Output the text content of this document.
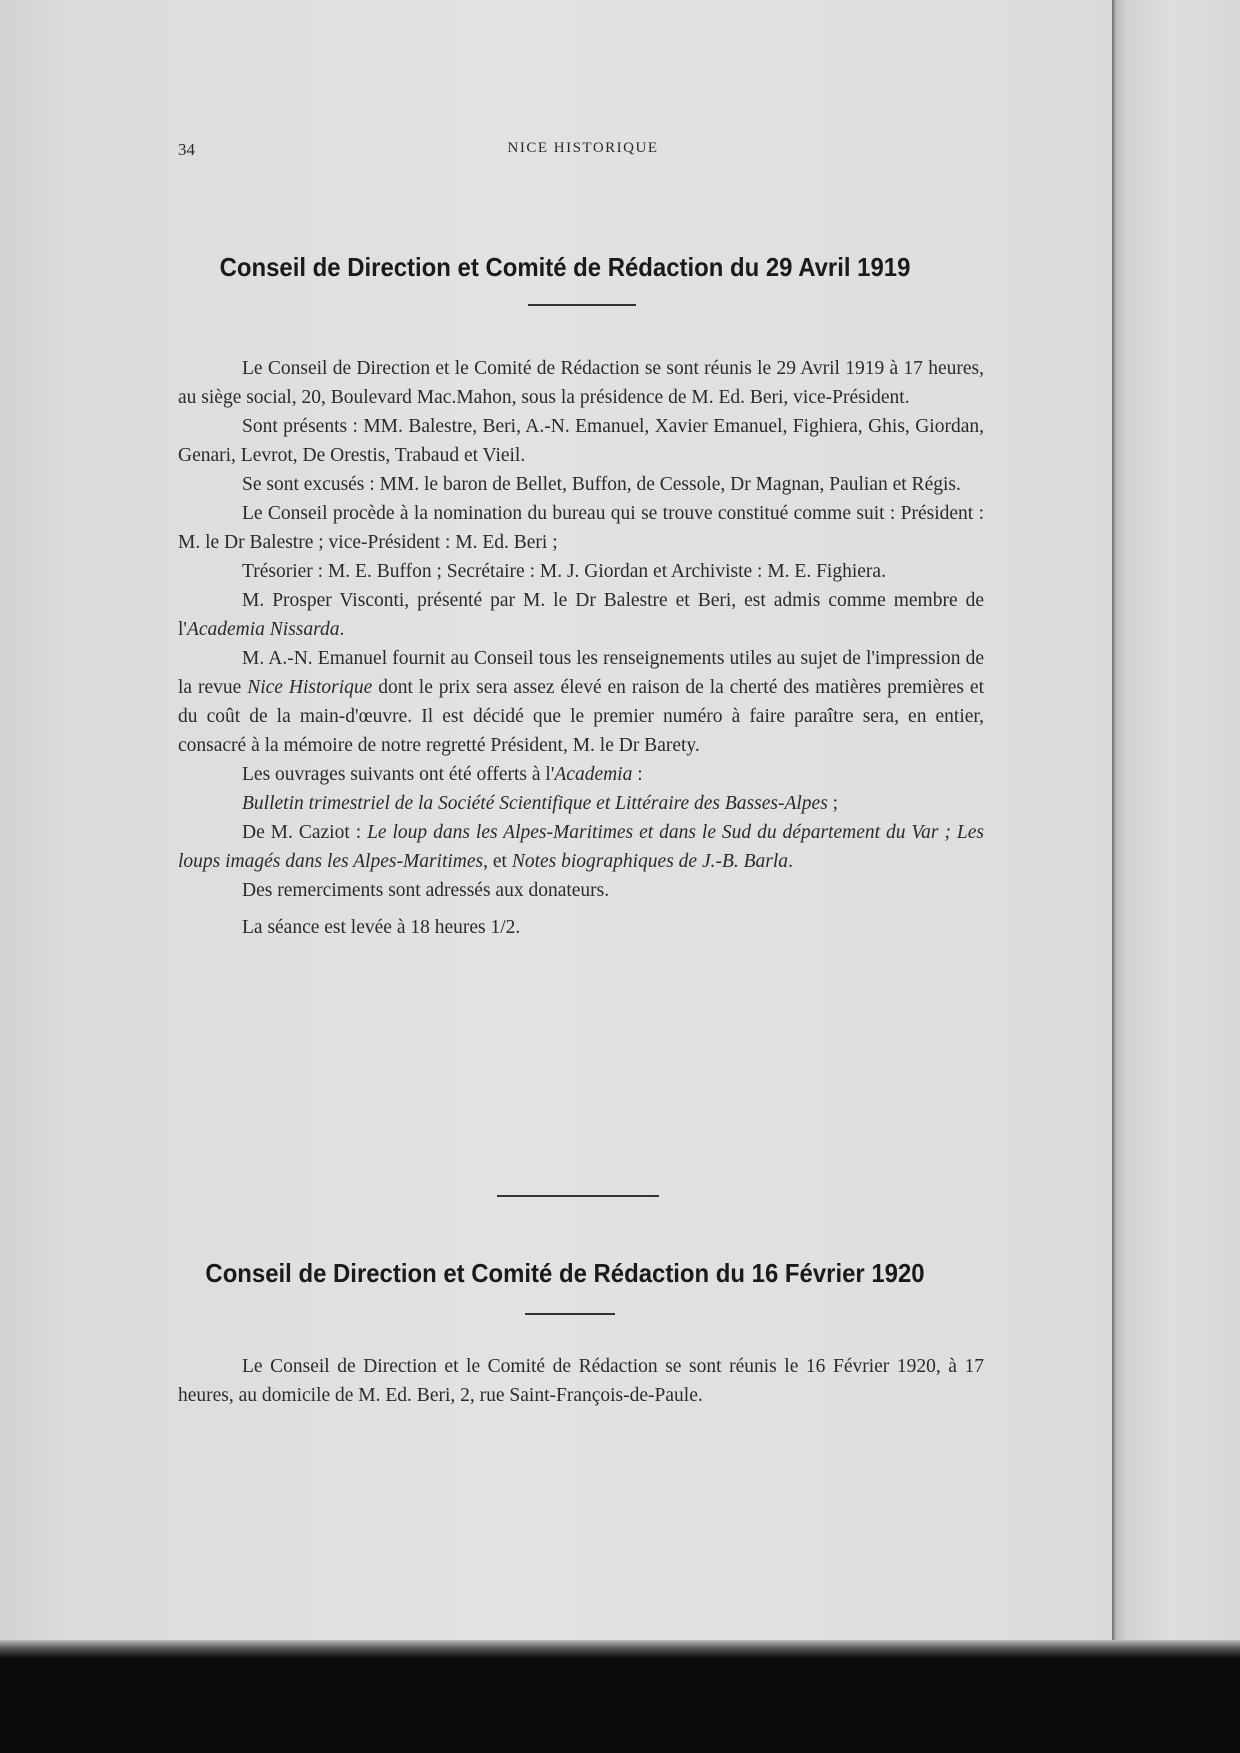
34	NICE HISTORIQUE
Conseil de Direction et Comité de Rédaction du 29 Avril 1919

Le Conseil de Direction et le Comité de Rédaction se sont réunis le 29 Avril 1919 à 17 heures, au siège social, 20, Boulevard Mac.Mahon, sous la présidence de M. Ed. Beri, vice-Président.

Sont présents : MM. Balestre, Beri, A.-N. Emanuel, Xavier Emanuel, Fighiera, Ghis, Giordan, Genari, Levrot, De Orestis, Trabaud et Vieil.

Se sont excusés : MM. le baron de Bellet, Buffon, de Cessole, Dr Magnan, Paulian et Régis.

Le Conseil procède à la nomination du bureau qui se trouve constitué comme suit : Président : M. le Dr Balestre ; vice-Président : M. Ed. Beri ;

Trésorier : M. E. Buffon ; Secrétaire : M. J. Giordan et Archiviste : M. E. Fighiera.

M. Prosper Visconti, présenté par M. le Dr Balestre et Beri, est admis comme membre de l'Academia Nissarda.

M. A.-N. Emanuel fournit au Conseil tous les renseignements utiles au sujet de l'impression de la revue Nice Historique dont le prix sera assez élevé en raison de la cherté des matières premières et du coût de la main-d'œuvre. Il est décidé que le premier numéro à faire paraître sera, en entier, consacré à la mémoire de notre regretté Président, M. le Dr Barety.

Les ouvrages suivants ont été offerts à l'Academia :

Bulletin trimestriel de la Société Scientifique et Littéraire des Basses-Alpes ;

De M. Caziot : Le loup dans les Alpes-Maritimes et dans le Sud du département du Var ; Les loups imagés dans les Alpes-Maritimes, et Notes biographiques de J.-B. Barla.

Des remerciments sont adressés aux donateurs.

La séance est levée à 18 heures 1/2.

Conseil de Direction et Comité de Rédaction du 16 Février 1920

Le Conseil de Direction et le Comité de Rédaction se sont réunis le 16 Février 1920, à 17 heures, au domicile de M. Ed. Beri, 2, rue Saint-François-de-Paule.
